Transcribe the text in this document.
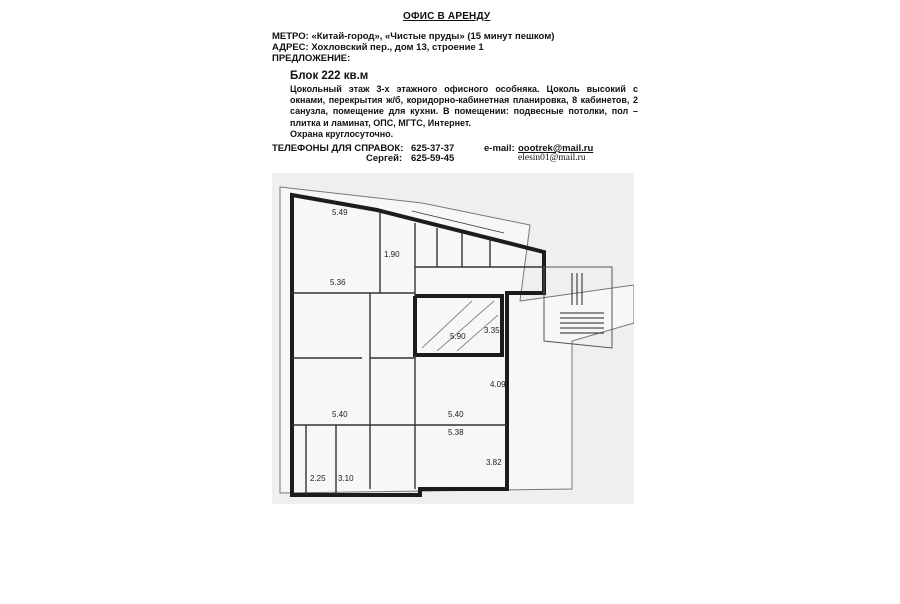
ОФИС В АРЕНДУ
МЕТРО: «Китай-город», «Чистые пруды» (15 минут пешком)
АДРЕС: Хохловский пер., дом 13, строение 1
ПРЕДЛОЖЕНИЕ:
Блок 222 кв.м

Цокольный этаж 3-х этажного офисного особняка. Цоколь высокий с окнами, перекрытия ж/б, коридорно-кабинетная планировка, 8 кабинетов, 2 санузла, помещение для кухни. В помещении: подвесные потолки, пол – плитка и ламинат, ОПС, МГТС, Интернет.

Охрана круглосуточно.

ТЕЛЕФОНЫ ДЛЯ СПРАВОК: 625-37-37
Сергей: 625-59-45
e-mail: oootrek@mail.ru
elesin01@mail.ru
5.49
5.36
5.40
5.90
5.40
5.38
2.25 3.10
4.09
1.90
3.82
3.35
